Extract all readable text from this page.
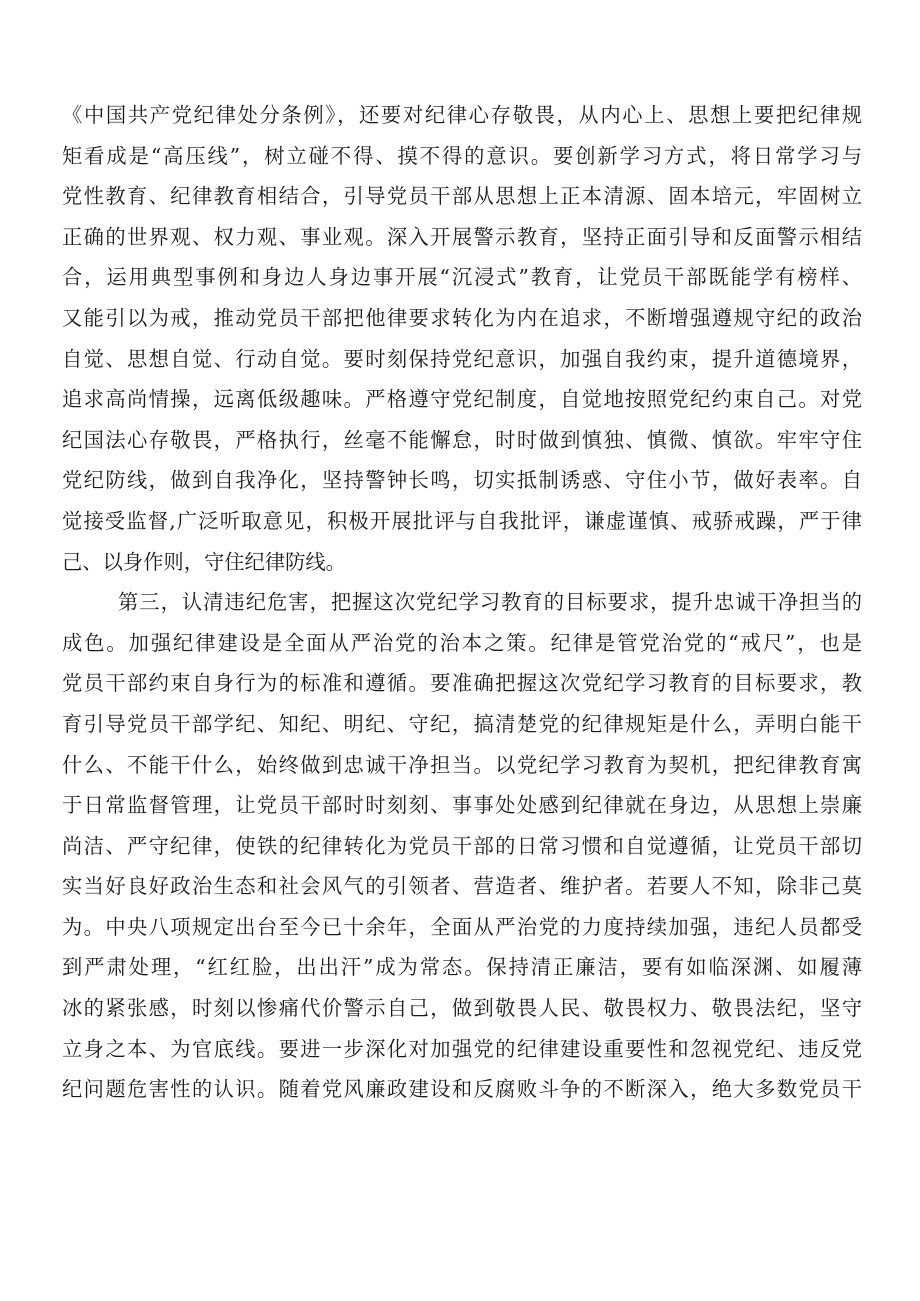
《中国共产党纪律处分条例》，还要对纪律心存敬畏，从内心上、思想上要把纪律规
矩看成是“高压线”，树立碰不得、摸不得的意识。要创新学习方式，将日常学习与
党性教育、纪律教育相结合，引导党员干部从思想上正本清源、固本培元，牢固树立
正确的世界观、权力观、事业观。深入开展警示教育，坚持正面引导和反面警示相结
合，运用典型事例和身边人身边事开展“沉浸式”教育，让党员干部既能学有榜样、
又能引以为戒，推动党员干部把他律要求转化为内在追求，不断增强遵规守纪的政治
自觉、思想自觉、行动自觉。要时刻保持党纪意识，加强自我约束，提升道德境界，
追求高尚情操，远离低级趣味。严格遵守党纪制度，自觉地按照党纪约束自己。对党
纪国法心存敬畏，严格执行，丝毫不能懈怠，时时做到慎独、慎微、慎欲。牢牢守住
党纪防线，做到自我净化，坚持警钟长鸣，切实抵制诱惑、守住小节，做好表率。自
觉接受监督,广泛听取意见，积极开展批评与自我批评，谦虚谨慎、戒骄戒躁，严于律
己、以身作则，守住纪律防线。
第三，认清违纪危害，把握这次党纪学习教育的目标要求，提升忠诚干净担当的
成色。加强纪律建设是全面从严治党的治本之策。纪律是管党治党的“戒尺”，也是
党员干部约束自身行为的标准和遵循。要准确把握这次党纪学习教育的目标要求，教
育引导党员干部学纪、知纪、明纪、守纪，搞清楚党的纪律规矩是什么，弄明白能干
什么、不能干什么，始终做到忠诚干净担当。以党纪学习教育为契机，把纪律教育寓
于日常监督管理，让党员干部时时刻刻、事事处处感到纪律就在身边，从思想上崇廉
尚洁、严守纪律，使铁的纪律转化为党员干部的日常习惯和自觉遵循，让党员干部切
实当好良好政治生态和社会风气的引领者、营造者、维护者。若要人不知，除非己莫
为。中央八项规定出台至今已十余年，全面从严治党的力度持续加强，违纪人员都受
到严肃处理，“红红脸，出出汗”成为常态。保持清正廉洁，要有如临深渊、如履薄
冰的紧张感，时刻以惨痛代价警示自己，做到敬畏人民、敬畏权力、敬畏法纪，坚守
立身之本、为官底线。要进一步深化对加强党的纪律建设重要性和忽视党纪、违反党
纪问题危害性的认识。随着党风廉政建设和反腐败斗争的不断深入，绝大多数党员干
